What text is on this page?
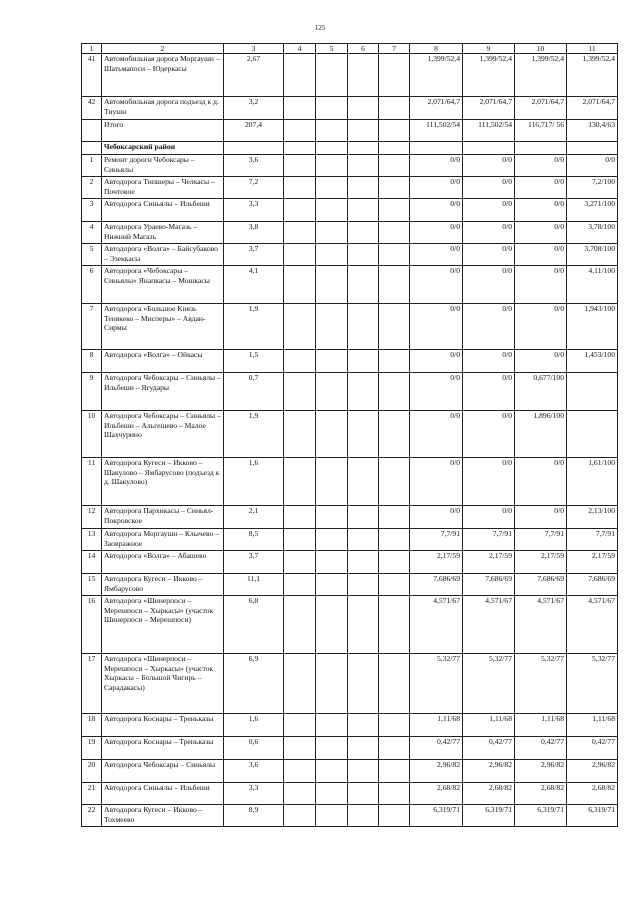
125
1	2	3	4	5	6	7	8	9	10	11
41	Автомобильная дорога Моргаушн – Шатьмапоси – Юдеркасы	2,67					1,399/52,4	1,399/52,4	1,399/52,4	1,399/52,4
42	Автомобильная дорога подъезд к д. Тиушн	3,2					2,071/64,7	2,071/64,7	2,071/64,7	2,071/64,7
	Итого	207,4					111,502/54	111,502/54	116,717/ 56	130,4/63
	Чебоксарский район									
1	Ремонт дороги Чебоксары – Синьялы	3,6					0/0	0/0	0/0	0/0
2	Автодорога Типшеры – Челкасы – Почтовое	7,2					0/0	0/0	0/0	7,2/100
3	Автодорога Синьялы – Ильбеши	3,3					0/0	0/0	0/0	3,271/100
4	Автодорога Ураево-Магазь – Нижний Магазь	3,8					0/0	0/0	0/0	3,78/100
5	Автодорога «Волга» – Байсубаково – Эзеккасы	3,7					0/0	0/0	0/0	3,708/100
6	Автодорога «Чебоксары – Синьялы» Янапкасы – Мошкасы	4,1					0/0	0/0	0/0	4,11/100
7	Автодорога «Большое Князь Тенякеко – Мисперы» – Авдан-Сирмы	1,9					0/0	0/0	0/0	1,943/100
8	Автодорога «Волга» – Ойкасы	1,5					0/0	0/0	0/0	1,453/100
9	Автодорога Чебоксары – Синьялы – Ильбеши – Ягудары	0,7					0/0	0/0	0,677/100	
10	Автодорога Чебоксары – Синьялы – Ильбеши – Альгешево – Малое Шахчурино	1,9					0/0	0/0	1,896/100	
11	Автодорога Кугеси – Икково – Шакулово – Ямбарусово (подъезд к д. Шакулово)	1,6					0/0	0/0	0/0	1,61/100
12	Автодорога Пархикасы – Синьял-Покровское	2,1					0/0	0/0	0/0	2,13/100
13	Автодорога Моргаушн – Клычево – Заовражное	8,5					7,7/91	7,7/91	7,7/91	7,7/91
14	Автодорога «Волга» – Абашево	3,7					2,17/59	2,17/59	2,17/59	2,17/59
15	Автодорога Кугеси – Икково – Ямбарусово	11,1					7,686/69	7,686/69	7,686/69	7,686/69
16	Автодорога «Шинерпоси – Мерешпоси – Хыркасы» (участок Шинерпоси – Мерешпоси)	6,8					4,571/67	4,571/67	4,571/67	4,571/67
17	Автодорога «Шинерпоси – Мерешпоси – Хыркасы» (участок Хыркасы – Большой Чигирь – Сарадакасы)	6,9					5,32/77	5,32/77	5,32/77	5,32/77
18	Автодорога Коснары – Треньказы	1,6					1,11/68	1,11/68	1,11/68	1,11/68
19	Автодорога Коснары – Треньказы	0,6					0,42/77	0,42/77	0,42/77	0,42/77
20	Автодорога Чебоксары – Синьялы	3,6					2,96/82	2,96/82	2,96/82	2,96/82
21	Автодорога Синьялы – Ильбеши	3,3					2,68/82	2,68/82	2,68/82	2,68/82
22	Автодорога Кугеси – Икково – Тохмеево	8,9					6,319/71	6,319/71	6,319/71	6,319/71
